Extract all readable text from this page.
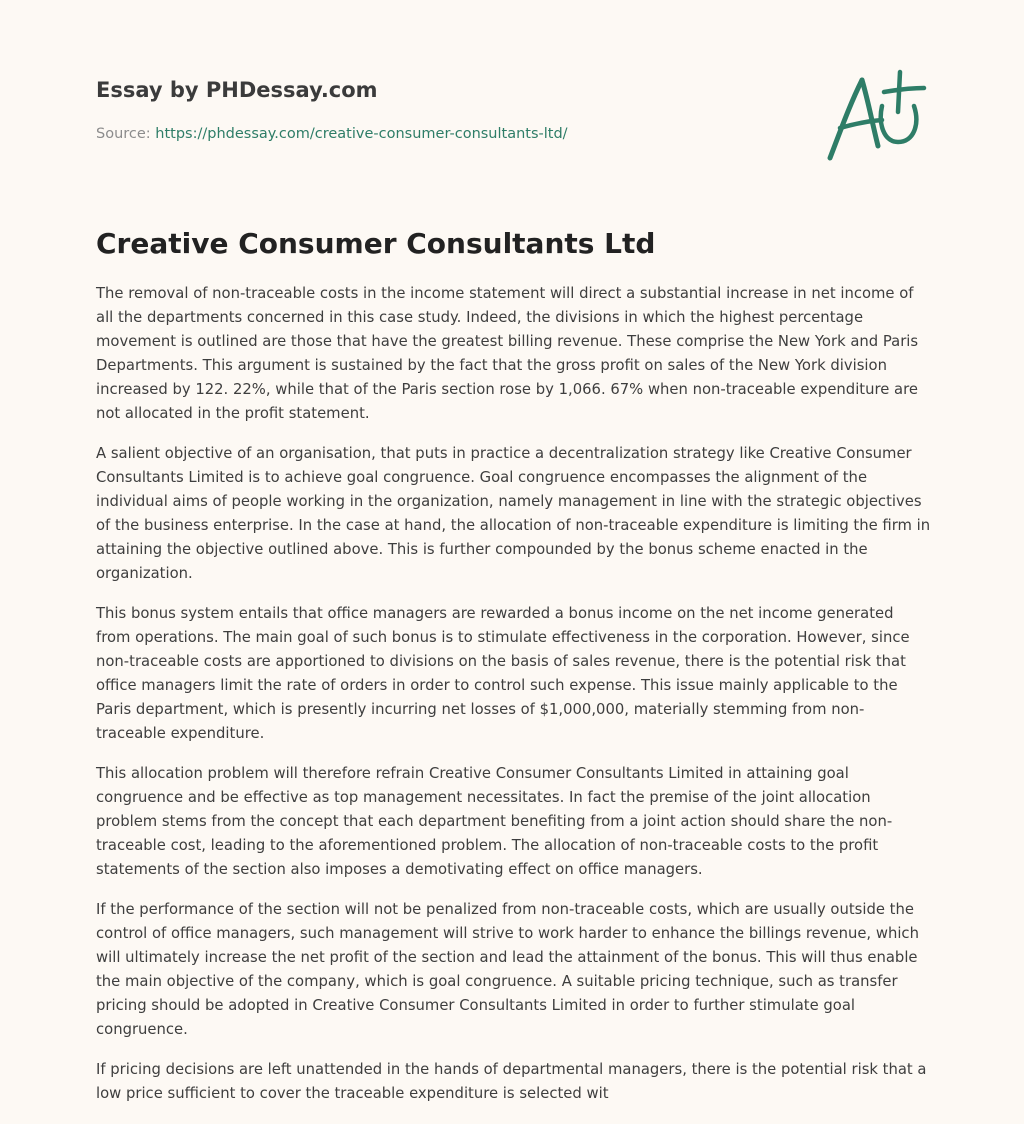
Essay by PHDessay.com
Source: https://phdessay.com/creative-consumer-consultants-ltd/
Creative Consumer Consultants Ltd

The removal of non-traceable costs in the income statement will direct a substantial increase in net income of all the departments concerned in this case study. Indeed, the divisions in which the highest percentage movement is outlined are those that have the greatest billing revenue. These comprise the New York and Paris Departments. This argument is sustained by the fact that the gross profit on sales of the New York division increased by 122. 22%, while that of the Paris section rose by 1,066. 67% when non-traceable expenditure are not allocated in the profit statement.

A salient objective of an organisation, that puts in practice a decentralization strategy like Creative Consumer Consultants Limited is to achieve goal congruence. Goal congruence encompasses the alignment of the individual aims of people working in the organization, namely management in line with the strategic objectives of the business enterprise. In the case at hand, the allocation of non-traceable expenditure is limiting the firm in attaining the objective outlined above. This is further compounded by the bonus scheme enacted in the organization.

This bonus system entails that office managers are rewarded a bonus income on the net income generated from operations. The main goal of such bonus is to stimulate effectiveness in the corporation. However, since non-traceable costs are apportioned to divisions on the basis of sales revenue, there is the potential risk that office managers limit the rate of orders in order to control such expense. This issue mainly applicable to the Paris department, which is presently incurring net losses of $1,000,000, materially stemming from non-traceable expenditure.

This allocation problem will therefore refrain Creative Consumer Consultants Limited in attaining goal congruence and be effective as top management necessitates. In fact the premise of the joint allocation problem stems from the concept that each department benefiting from a joint action should share the non-traceable cost, leading to the aforementioned problem. The allocation of non-traceable costs to the profit statements of the section also imposes a demotivating effect on office managers.

If the performance of the section will not be penalized from non-traceable costs, which are usually outside the control of office managers, such management will strive to work harder to enhance the billings revenue, which will ultimately increase the net profit of the section and lead the attainment of the bonus. This will thus enable the main objective of the company, which is goal congruence. A suitable pricing technique, such as transfer pricing should be adopted in Creative Consumer Consultants Limited in order to further stimulate goal congruence.

If pricing decisions are left unattended in the hands of departmental managers, there is the potential risk that a low price sufficient to cover the traceable expenditure is selected wit
